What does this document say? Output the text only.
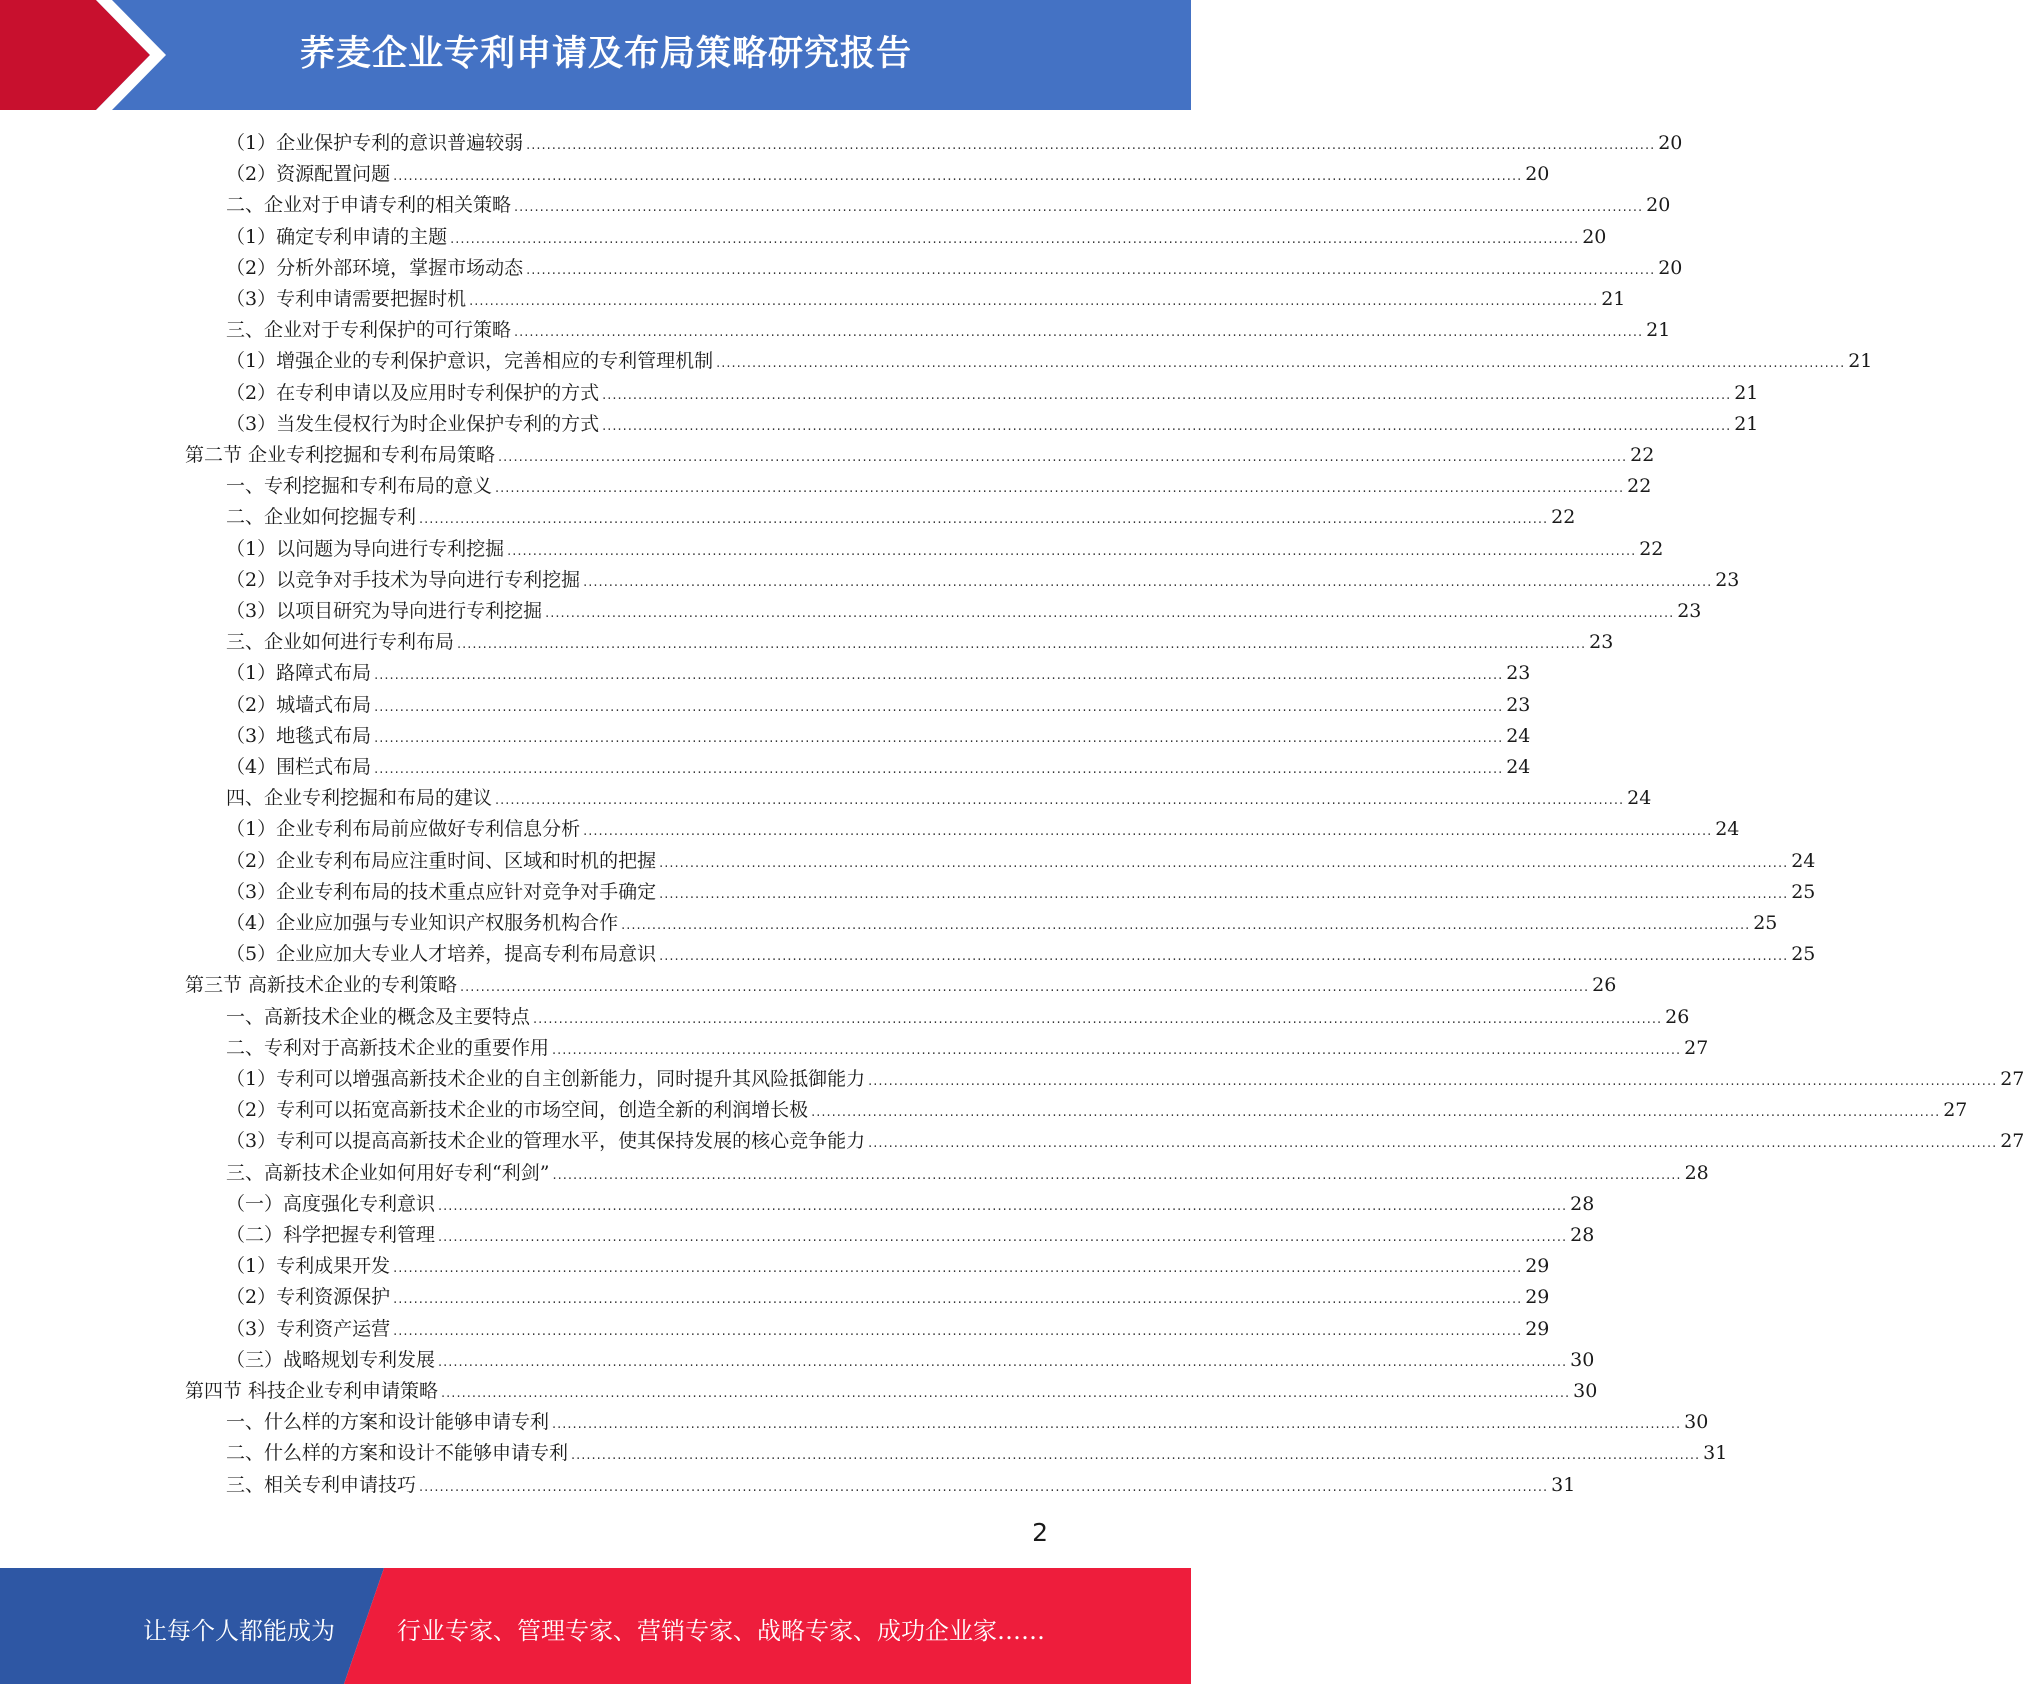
荞麦企业专利申请及布局策略研究报告
（1）企业保护专利的意识普遍较弱 ............................................................................................................................................................................................................................ 20
（2）资源配置问题 ............................................................................................................................................................................................................................ 20
二、企业对于申请专利的相关策略 ............................................................................................................................................................................................................................ 20
（1）确定专利申请的主题 ............................................................................................................................................................................................................................ 20
（2）分析外部环境，掌握市场动态 ............................................................................................................................................................................................................................ 20
（3）专利申请需要把握时机 ............................................................................................................................................................................................................................ 21
三、企业对于专利保护的可行策略 ............................................................................................................................................................................................................................ 21
（1）增强企业的专利保护意识，完善相应的专利管理机制 ............................................................................................................................................................................................................................ 21
（2）在专利申请以及应用时专利保护的方式 ............................................................................................................................................................................................................................ 21
（3）当发生侵权行为时企业保护专利的方式 ............................................................................................................................................................................................................................ 21
第二节 企业专利挖掘和专利布局策略 ............................................................................................................................................................................................................................ 22
一、专利挖掘和专利布局的意义 ............................................................................................................................................................................................................................ 22
二、企业如何挖掘专利 ............................................................................................................................................................................................................................ 22
（1）以问题为导向进行专利挖掘 ............................................................................................................................................................................................................................ 22
（2）以竞争对手技术为导向进行专利挖掘 ............................................................................................................................................................................................................................ 23
（3）以项目研究为导向进行专利挖掘 ............................................................................................................................................................................................................................ 23
三、企业如何进行专利布局 ............................................................................................................................................................................................................................ 23
（1）路障式布局 ............................................................................................................................................................................................................................ 23
（2）城墙式布局 ............................................................................................................................................................................................................................ 23
（3）地毯式布局 ............................................................................................................................................................................................................................ 24
（4）围栏式布局 ............................................................................................................................................................................................................................ 24
四、企业专利挖掘和布局的建议 ............................................................................................................................................................................................................................ 24
（1）企业专利布局前应做好专利信息分析 ............................................................................................................................................................................................................................ 24
（2）企业专利布局应注重时间、区域和时机的把握 ............................................................................................................................................................................................................................ 24
（3）企业专利布局的技术重点应针对竞争对手确定 ............................................................................................................................................................................................................................ 25
（4）企业应加强与专业知识产权服务机构合作 ............................................................................................................................................................................................................................ 25
（5）企业应加大专业人才培养，提高专利布局意识 ............................................................................................................................................................................................................................ 25
第三节 高新技术企业的专利策略 ............................................................................................................................................................................................................................ 26
一、高新技术企业的概念及主要特点 ............................................................................................................................................................................................................................ 26
二、专利对于高新技术企业的重要作用 ............................................................................................................................................................................................................................ 27
（1）专利可以增强高新技术企业的自主创新能力，同时提升其风险抵御能力 ............................................................................................................................................................................................................................ 27
（2）专利可以拓宽高新技术企业的市场空间，创造全新的利润增长极 ............................................................................................................................................................................................................................ 27
（3）专利可以提高高新技术企业的管理水平，使其保持发展的核心竞争能力 ............................................................................................................................................................................................................................ 27
三、高新技术企业如何用好专利“利剑” ............................................................................................................................................................................................................................ 28
（一）高度强化专利意识 ............................................................................................................................................................................................................................ 28
（二）科学把握专利管理 ............................................................................................................................................................................................................................ 28
（1）专利成果开发 ............................................................................................................................................................................................................................ 29
（2）专利资源保护 ............................................................................................................................................................................................................................ 29
（3）专利资产运营 ............................................................................................................................................................................................................................ 29
（三）战略规划专利发展 ............................................................................................................................................................................................................................ 30
第四节 科技企业专利申请策略 ............................................................................................................................................................................................................................ 30
一、什么样的方案和设计能够申请专利 ............................................................................................................................................................................................................................ 30
二、什么样的方案和设计不能够申请专利 ............................................................................................................................................................................................................................ 31
三、相关专利申请技巧 ............................................................................................................................................................................................................................ 31
2
让每个人都能成为	行业专家、管理专家、营销专家、战略专家、成功企业家……
